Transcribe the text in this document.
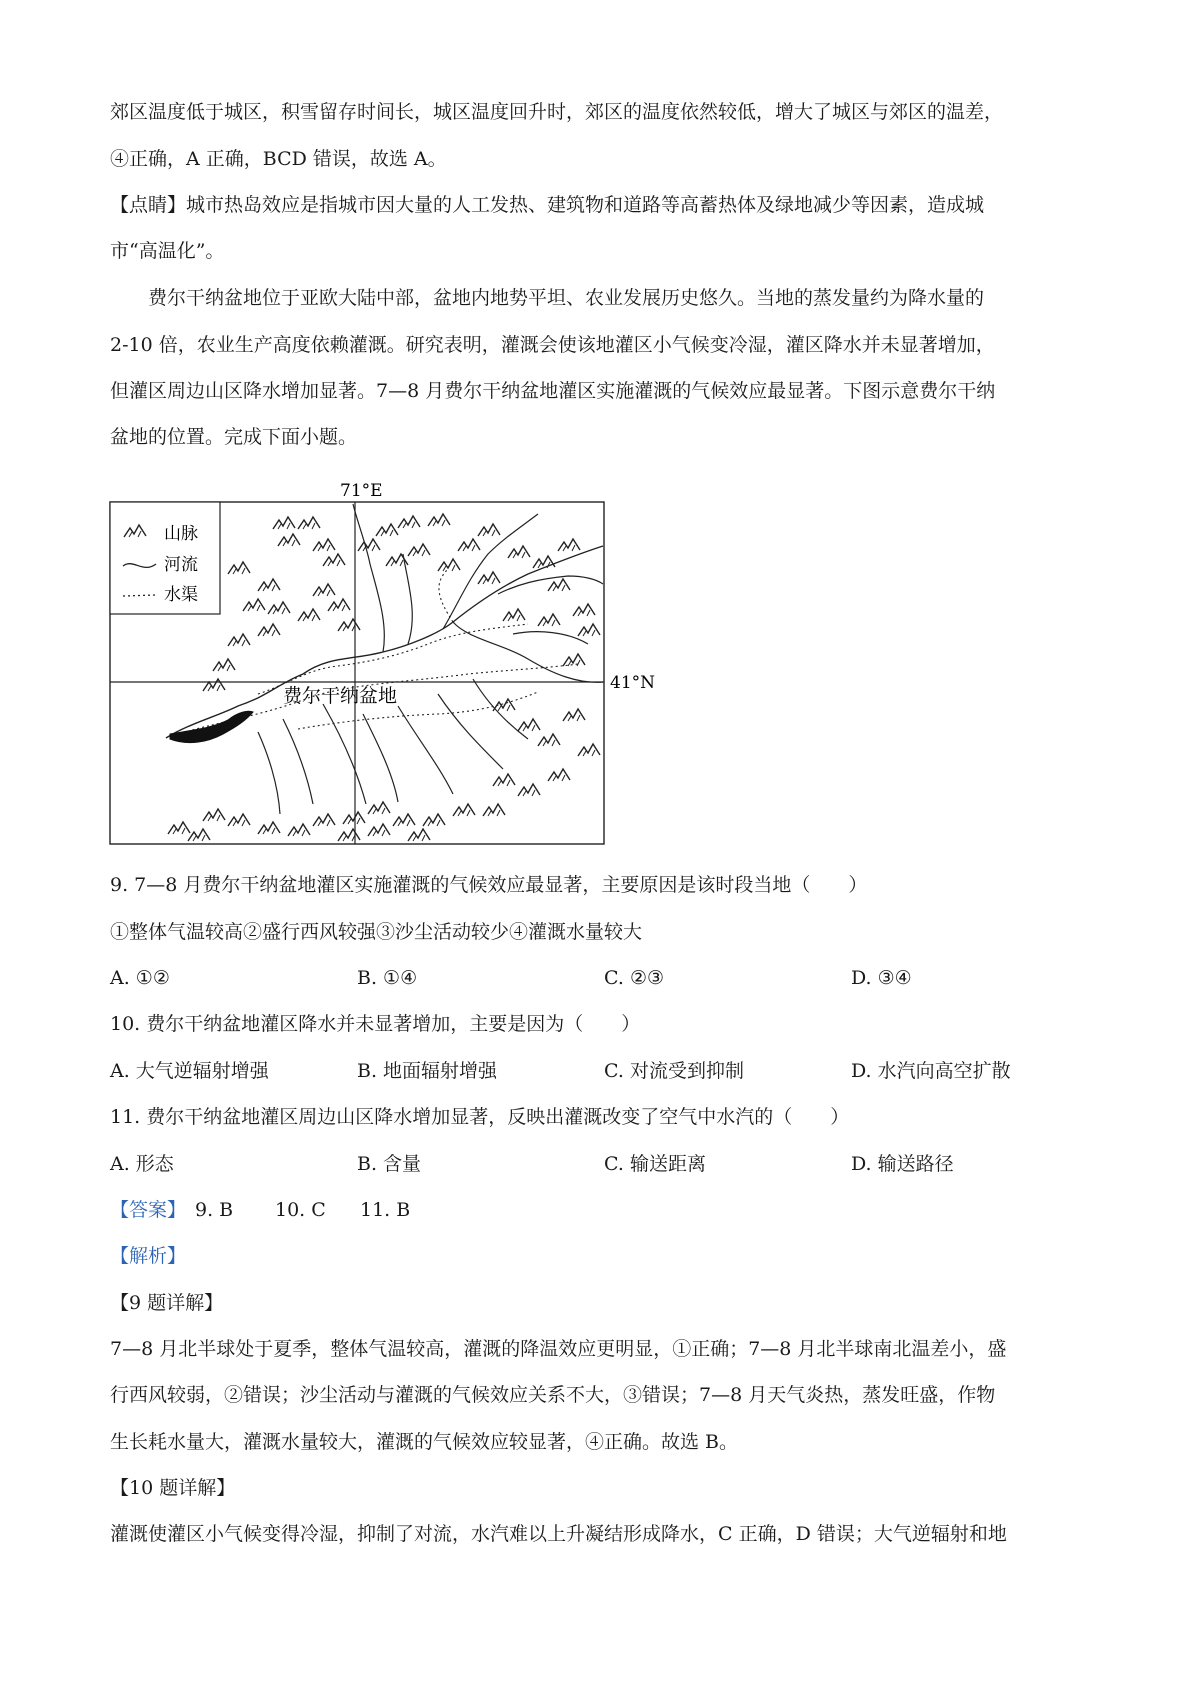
郊区温度低于城区，积雪留存时间长，城区温度回升时，郊区的温度依然较低，增大了城区与郊区的温差，
④正确，A 正确，BCD 错误，故选 A。
【点睛】城市热岛效应是指城市因大量的人工发热、建筑物和道路等高蓄热体及绿地减少等因素，造成城
市“高温化”。
费尔干纳盆地位于亚欧大陆中部，盆地内地势平坦、农业发展历史悠久。当地的蒸发量约为降水量的
2-10 倍，农业生产高度依赖灌溉。研究表明，灌溉会使该地灌区小气候变冷湿，灌区降水并未显著增加，
但灌区周边山区降水增加显著。7—8 月费尔干纳盆地灌区实施灌溉的气候效应最显著。下图示意费尔干纳
盆地的位置。完成下面小题。
71°E
41°N
费尔干纳盆地
山脉
河流
水渠
9. 7—8 月费尔干纳盆地灌区实施灌溉的气候效应最显著，主要原因是该时段当地（　　）
①整体气温较高②盛行西风较强③沙尘活动较少④灌溉水量较大
A. ①②	B. ①④	C. ②③	D. ③④
10. 费尔干纳盆地灌区降水并未显著增加，主要是因为（　　）
A. 大气逆辐射增强	B. 地面辐射增强	C. 对流受到抑制	D. 水汽向高空扩散
11. 费尔干纳盆地灌区周边山区降水增加显著，反映出灌溉改变了空气中水汽的（　　）
A. 形态	B. 含量	C. 输送距离	D. 输送路径
【答案】 9. B 10. C 11. B
【解析】
【9 题详解】
7—8 月北半球处于夏季，整体气温较高，灌溉的降温效应更明显，①正确；7—8 月北半球南北温差小，盛
行西风较弱，②错误；沙尘活动与灌溉的气候效应关系不大，③错误；7—8 月天气炎热，蒸发旺盛，作物
生长耗水量大，灌溉水量较大，灌溉的气候效应较显著，④正确。故选 B。
【10 题详解】
灌溉使灌区小气候变得冷湿，抑制了对流，水汽难以上升凝结形成降水，C 正确，D 错误；大气逆辐射和地
